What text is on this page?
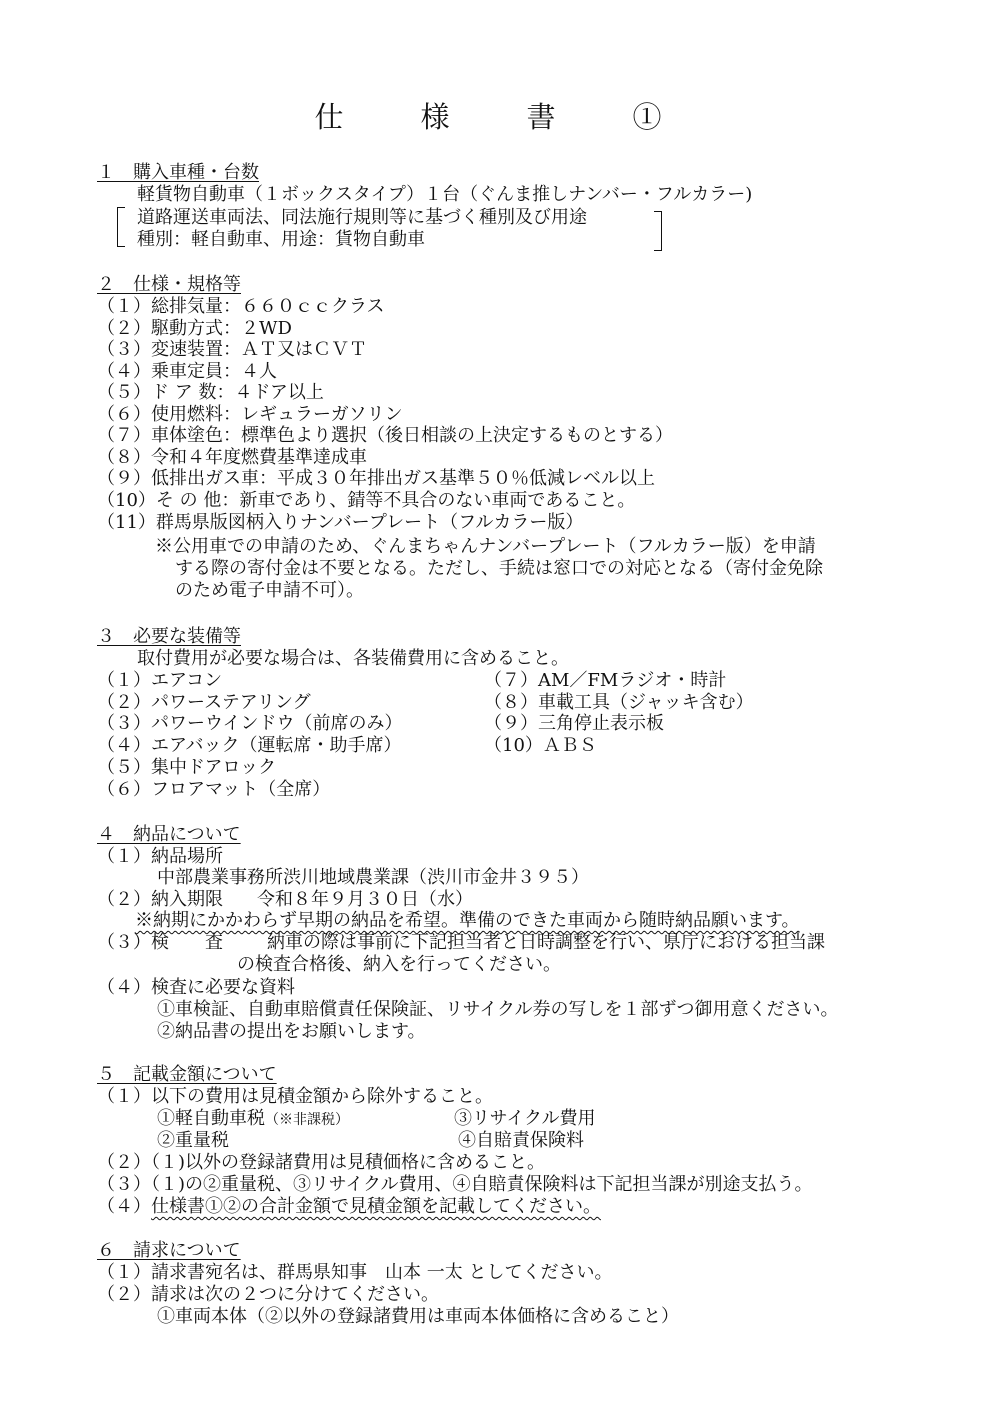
仕　様　書　①
１　購入車種・台数
軽貨物自動車（１ボックスタイプ）１台（ぐんま推しナンバー・フルカラー)
道路運送車両法、同法施行規則等に基づく種別及び用途
種別：軽自動車、用途：貨物自動車
２　仕様・規格等
（１）総排気量：６６０ｃｃクラス
（２）駆動方式：２WD
（３）変速装置：ＡＴ又はＣＶＴ
（４）乗車定員：４人
（５）ド ア 数：４ドア以上
（６）使用燃料：レギュラーガソリン
（７）車体塗色：標準色より選択（後日相談の上決定するものとする）
（８）令和４年度燃費基準達成車
（９）低排出ガス車：平成３０年排出ガス基準５０％低減レベル以上
（10）そ の 他：新車であり、錆等不具合のない車両であること。
（11）群馬県版図柄入りナンバープレート（フルカラー版）
※公用車での申請のため、ぐんまちゃんナンバープレート（フルカラー版）を申請
する際の寄付金は不要となる。ただし、手続は窓口での対応となる（寄付金免除
のため電子申請不可）。
３　必要な装備等
取付費用が必要な場合は、各装備費用に含めること。
（１）エアコン
（２）パワーステアリング
（３）パワーウインドウ（前席のみ）
（４）エアバック（運転席・助手席）
（５）集中ドアロック
（６）フロアマット（全席）
（７）AM／FMラジオ・時計
（８）車載工具（ジャッキ含む）
（９）三角停止表示板
（10）ＡＢＳ
４　納品について
（１）納品場所
中部農業事務所渋川地域農業課（渋川市金井３９５）
（２）納入期限 令和８年９月３０日（水）
※納期にかかわらず早期の納品を希望。準備のできた車両から随時納品願います。
（３）検　　査 納車の際は事前に下記担当者と日時調整を行い、県庁における担当課
の検査合格後、納入を行ってください。
（４）検査に必要な資料
①車検証、自動車賠償責任保険証、リサイクル券の写しを１部ずつ御用意ください。
②納品書の提出をお願いします。
５　記載金額について
（１）以下の費用は見積金額から除外すること。
①軽自動車税（※非課税）	③リサイクル費用
②重量税	④自賠責保険料
（２）（１)以外の登録諸費用は見積価格に含めること。
（３）（１)の②重量税、③リサイクル費用、④自賠責保険料は下記担当課が別途支払う。
（４）仕様書①②の合計金額で見積金額を記載してください。
６　請求について
（１）請求書宛名は、群馬県知事　山本 一太 としてください。
（２）請求は次の２つに分けてください。
①車両本体（②以外の登録諸費用は車両本体価格に含めること）
